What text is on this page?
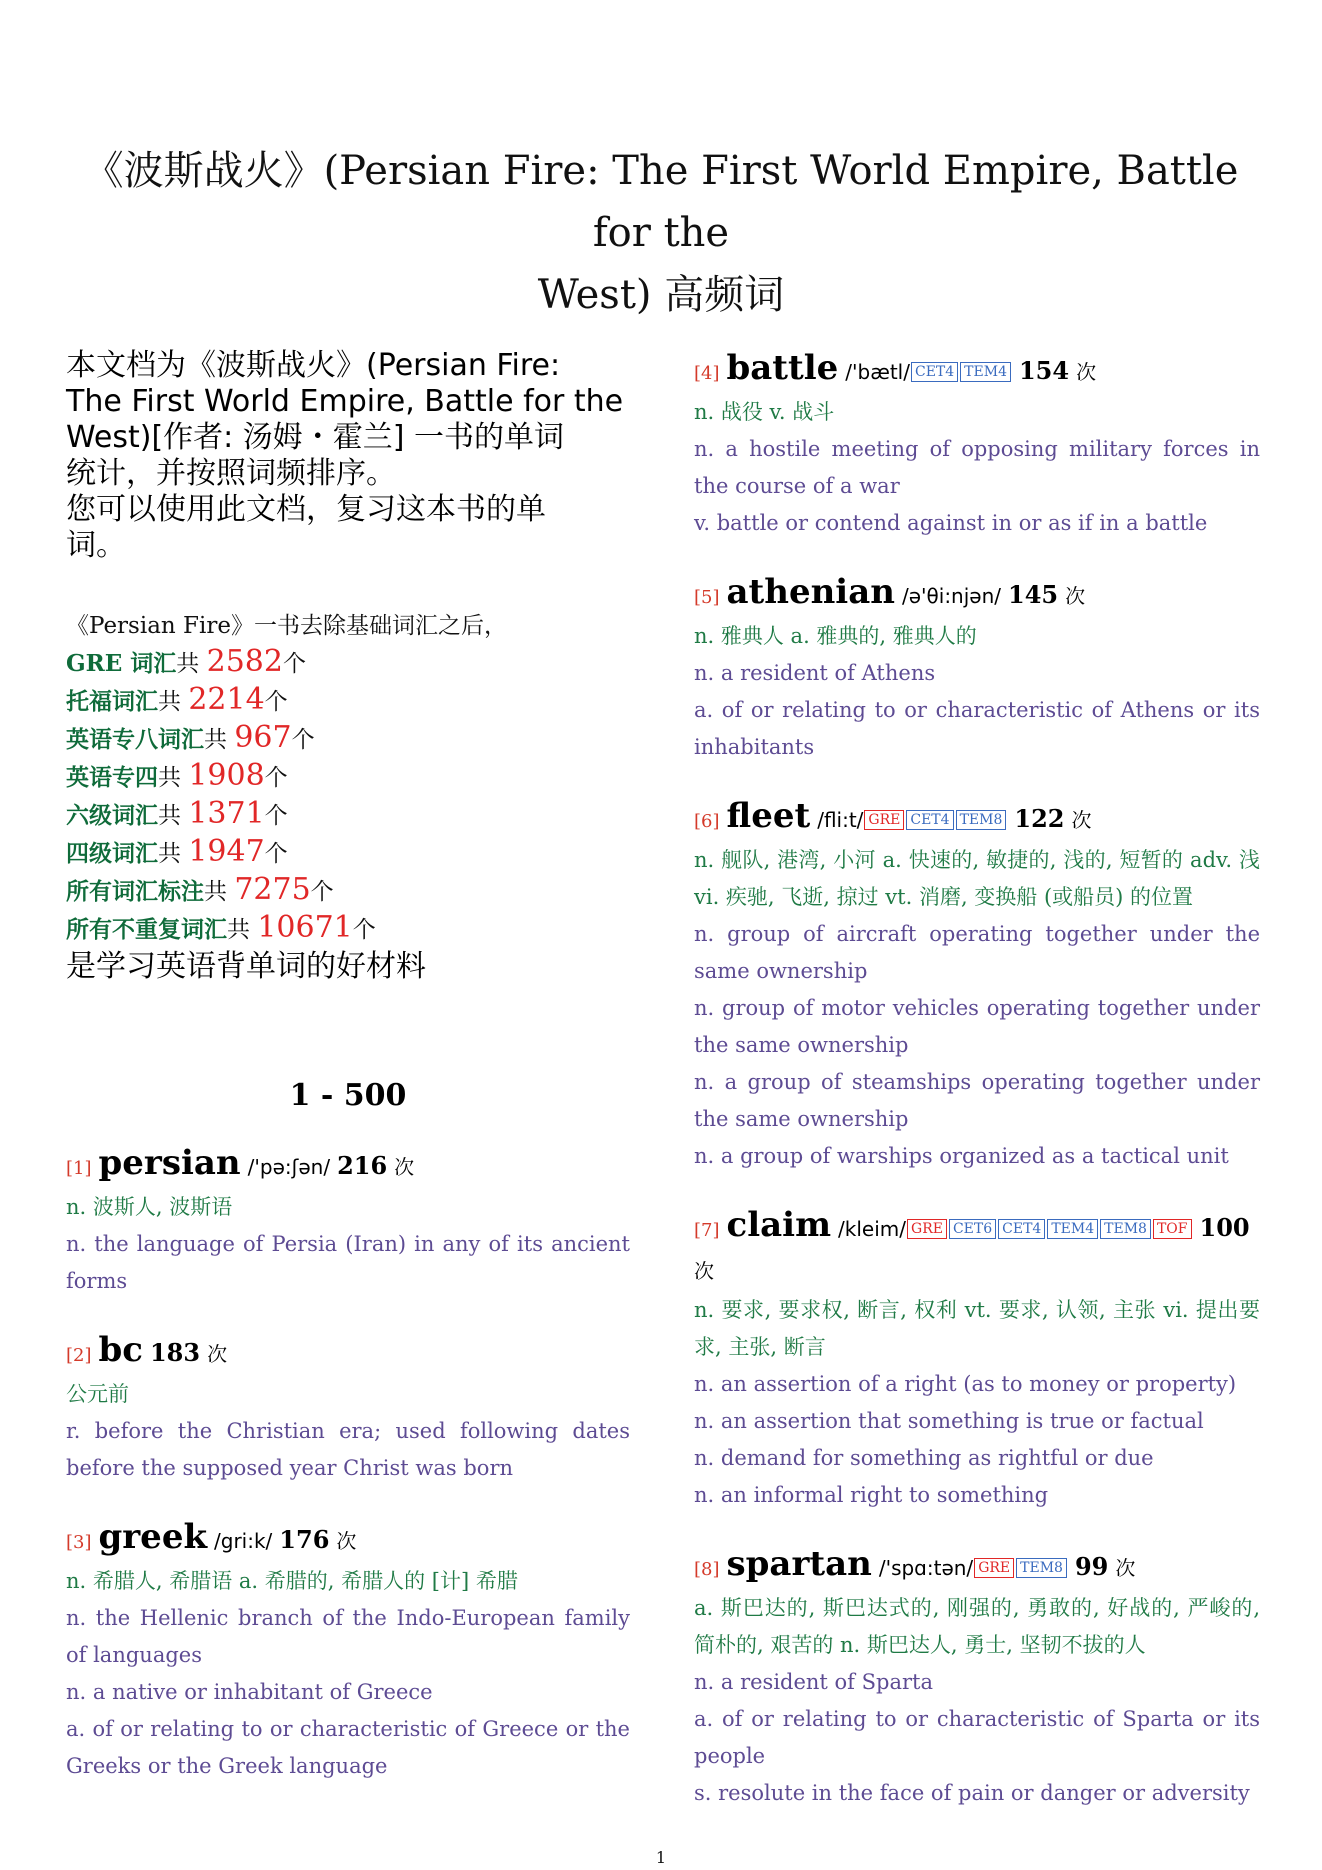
《波斯战火》(Persian Fire: The First World Empire, Battle for the
West) 高频词
本文档为《波斯战火》(Persian Fire:
The First World Empire, Battle for the
West)[作者: 汤姆・霍兰] 一书的单词
统计，并按照词频排序。
您可以使用此文档，复习这本书的单
词。
《Persian Fire》一书去除基础词汇之后，
GRE 词汇共 2582个
托福词汇共 2214个
英语专八词汇共 967个
英语专四共 1908个
六级词汇共 1371个
四级词汇共 1947个
所有词汇标注共 7275个
所有不重复词汇共 10671个
是学习英语背单词的好材料
1 - 500
[1] persian /'pə:ʃən/ 216 次
n. 波斯人, 波斯语
n. the language of Persia (Iran) in any of its ancient forms
[2] bc 183 次
公元前
r. before the Christian era; used following dates before the supposed year Christ was born
[3] greek /gri:k/ 176 次
n. 希腊人, 希腊语 a. 希腊的, 希腊人的 [计] 希腊
n. the Hellenic branch of the Indo-European family of languages
n. a native or inhabitant of Greece
a. of or relating to or characteristic of Greece or the Greeks or the Greek language
[4] battle /'bætl/ CET4 TEM4 154 次
n. 战役 v. 战斗
n. a hostile meeting of opposing military forces in the course of a war
v. battle or contend against in or as if in a battle
[5] athenian /ə'θi:njən/ 145 次
n. 雅典人 a. 雅典的, 雅典人的
n. a resident of Athens
a. of or relating to or characteristic of Athens or its inhabitants
[6] fleet /fli:t/ GRE CET4 TEM8 122 次
n. 舰队, 港湾, 小河 a. 快速的, 敏捷的, 浅的, 短暂的 adv. 浅 vi. 疾驰, 飞逝, 掠过 vt. 消磨, 变换船 (或船员) 的位置
n. group of aircraft operating together under the same ownership
n. group of motor vehicles operating together under the same ownership
n. a group of steamships operating together under the same ownership
n. a group of warships organized as a tactical unit
[7] claim /kleim/ GRE CET6 CET4 TEM4 TEM8 TOF 100 次
n. 要求, 要求权, 断言, 权利 vt. 要求, 认领, 主张 vi. 提出要求, 主张, 断言
n. an assertion of a right (as to money or property)
n. an assertion that something is true or factual
n. demand for something as rightful or due
n. an informal right to something
[8] spartan /'spɑ:tən/ GRE TEM8 99 次
a. 斯巴达的, 斯巴达式的, 刚强的, 勇敢的, 好战的, 严峻的, 简朴的, 艰苦的 n. 斯巴达人, 勇士, 坚韧不拔的人
n. a resident of Sparta
a. of or relating to or characteristic of Sparta or its people
s. resolute in the face of pain or danger or adversity
1
